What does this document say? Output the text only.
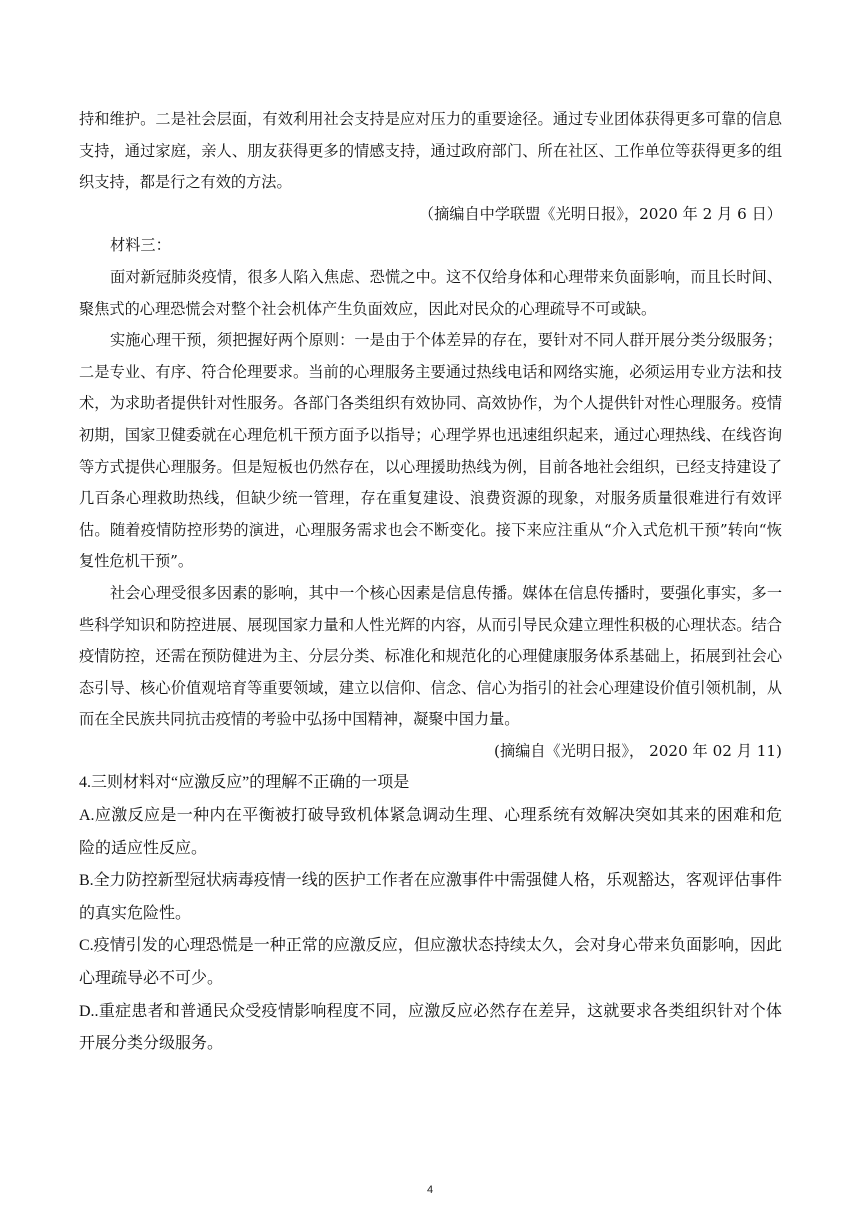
持和维护。二是社会层面，有效利用社会支持是应对压力的重要途径。通过专业团体获得更多可靠的信息支持，通过家庭，亲人、朋友获得更多的情感支持，通过政府部门、所在社区、工作单位等获得更多的组织支持，都是行之有效的方法。

（摘编自中学联盟《光明日报》，2020 年 2 月 6 日）

材料三：

面对新冠肺炎疫情，很多人陷入焦虑、恐慌之中。这不仅给身体和心理带来负面影响，而且长时间、聚焦式的心理恐慌会对整个社会机体产生负面效应，因此对民众的心理疏导不可或缺。

实施心理干预，须把握好两个原则：一是由于个体差异的存在，要针对不同人群开展分类分级服务；二是专业、有序、符合伦理要求。当前的心理服务主要通过热线电话和网络实施，必须运用专业方法和技术，为求助者提供针对性服务。各部门各类组织有效协同、高效协作，为个人提供针对性心理服务。疫情初期，国家卫健委就在心理危机干预方面予以指导；心理学界也迅速组织起来，通过心理热线、在线咨询等方式提供心理服务。但是短板也仍然存在，以心理援助热线为例，目前各地社会组织，已经支持建设了几百条心理救助热线，但缺少统一管理，存在重复建设、浪费资源的现象，对服务质量很难进行有效评估。随着疫情防控形势的演进，心理服务需求也会不断变化。接下来应注重从“介入式危机干预”转向“恢复性危机干预”。

社会心理受很多因素的影响，其中一个核心因素是信息传播。媒体在信息传播时，要强化事实，多一些科学知识和防控进展、展现国家力量和人性光辉的内容，从而引导民众建立理性积极的心理状态。结合疫情防控，还需在预防健进为主、分层分类、标准化和规范化的心理健康服务体系基础上，拓展到社会心态引导、核心价值观培育等重要领域，建立以信仰、信念、信心为指引的社会心理建设价值引领机制，从而在全民族共同抗击疫情的考验中弘扬中国精神，凝聚中国力量。

(摘编自《光明日报》， 2020 年 02 月 11)

4.三则材料对“应激反应”的理解不正确的一项是

A.应激反应是一种内在平衡被打破导致机体紧急调动生理、心理系统有效解决突如其来的困难和危险的适应性反应。

B.全力防控新型冠状病毒疫情一线的医护工作者在应激事件中需强健人格，乐观豁达，客观评估事件的真实危险性。

C.疫情引发的心理恐慌是一种正常的应激反应，但应激状态持续太久，会对身心带来负面影响，因此心理疏导必不可少。

D..重症患者和普通民众受疫情影响程度不同，应激反应必然存在差异，这就要求各类组织针对个体开展分类分级服务。

4
